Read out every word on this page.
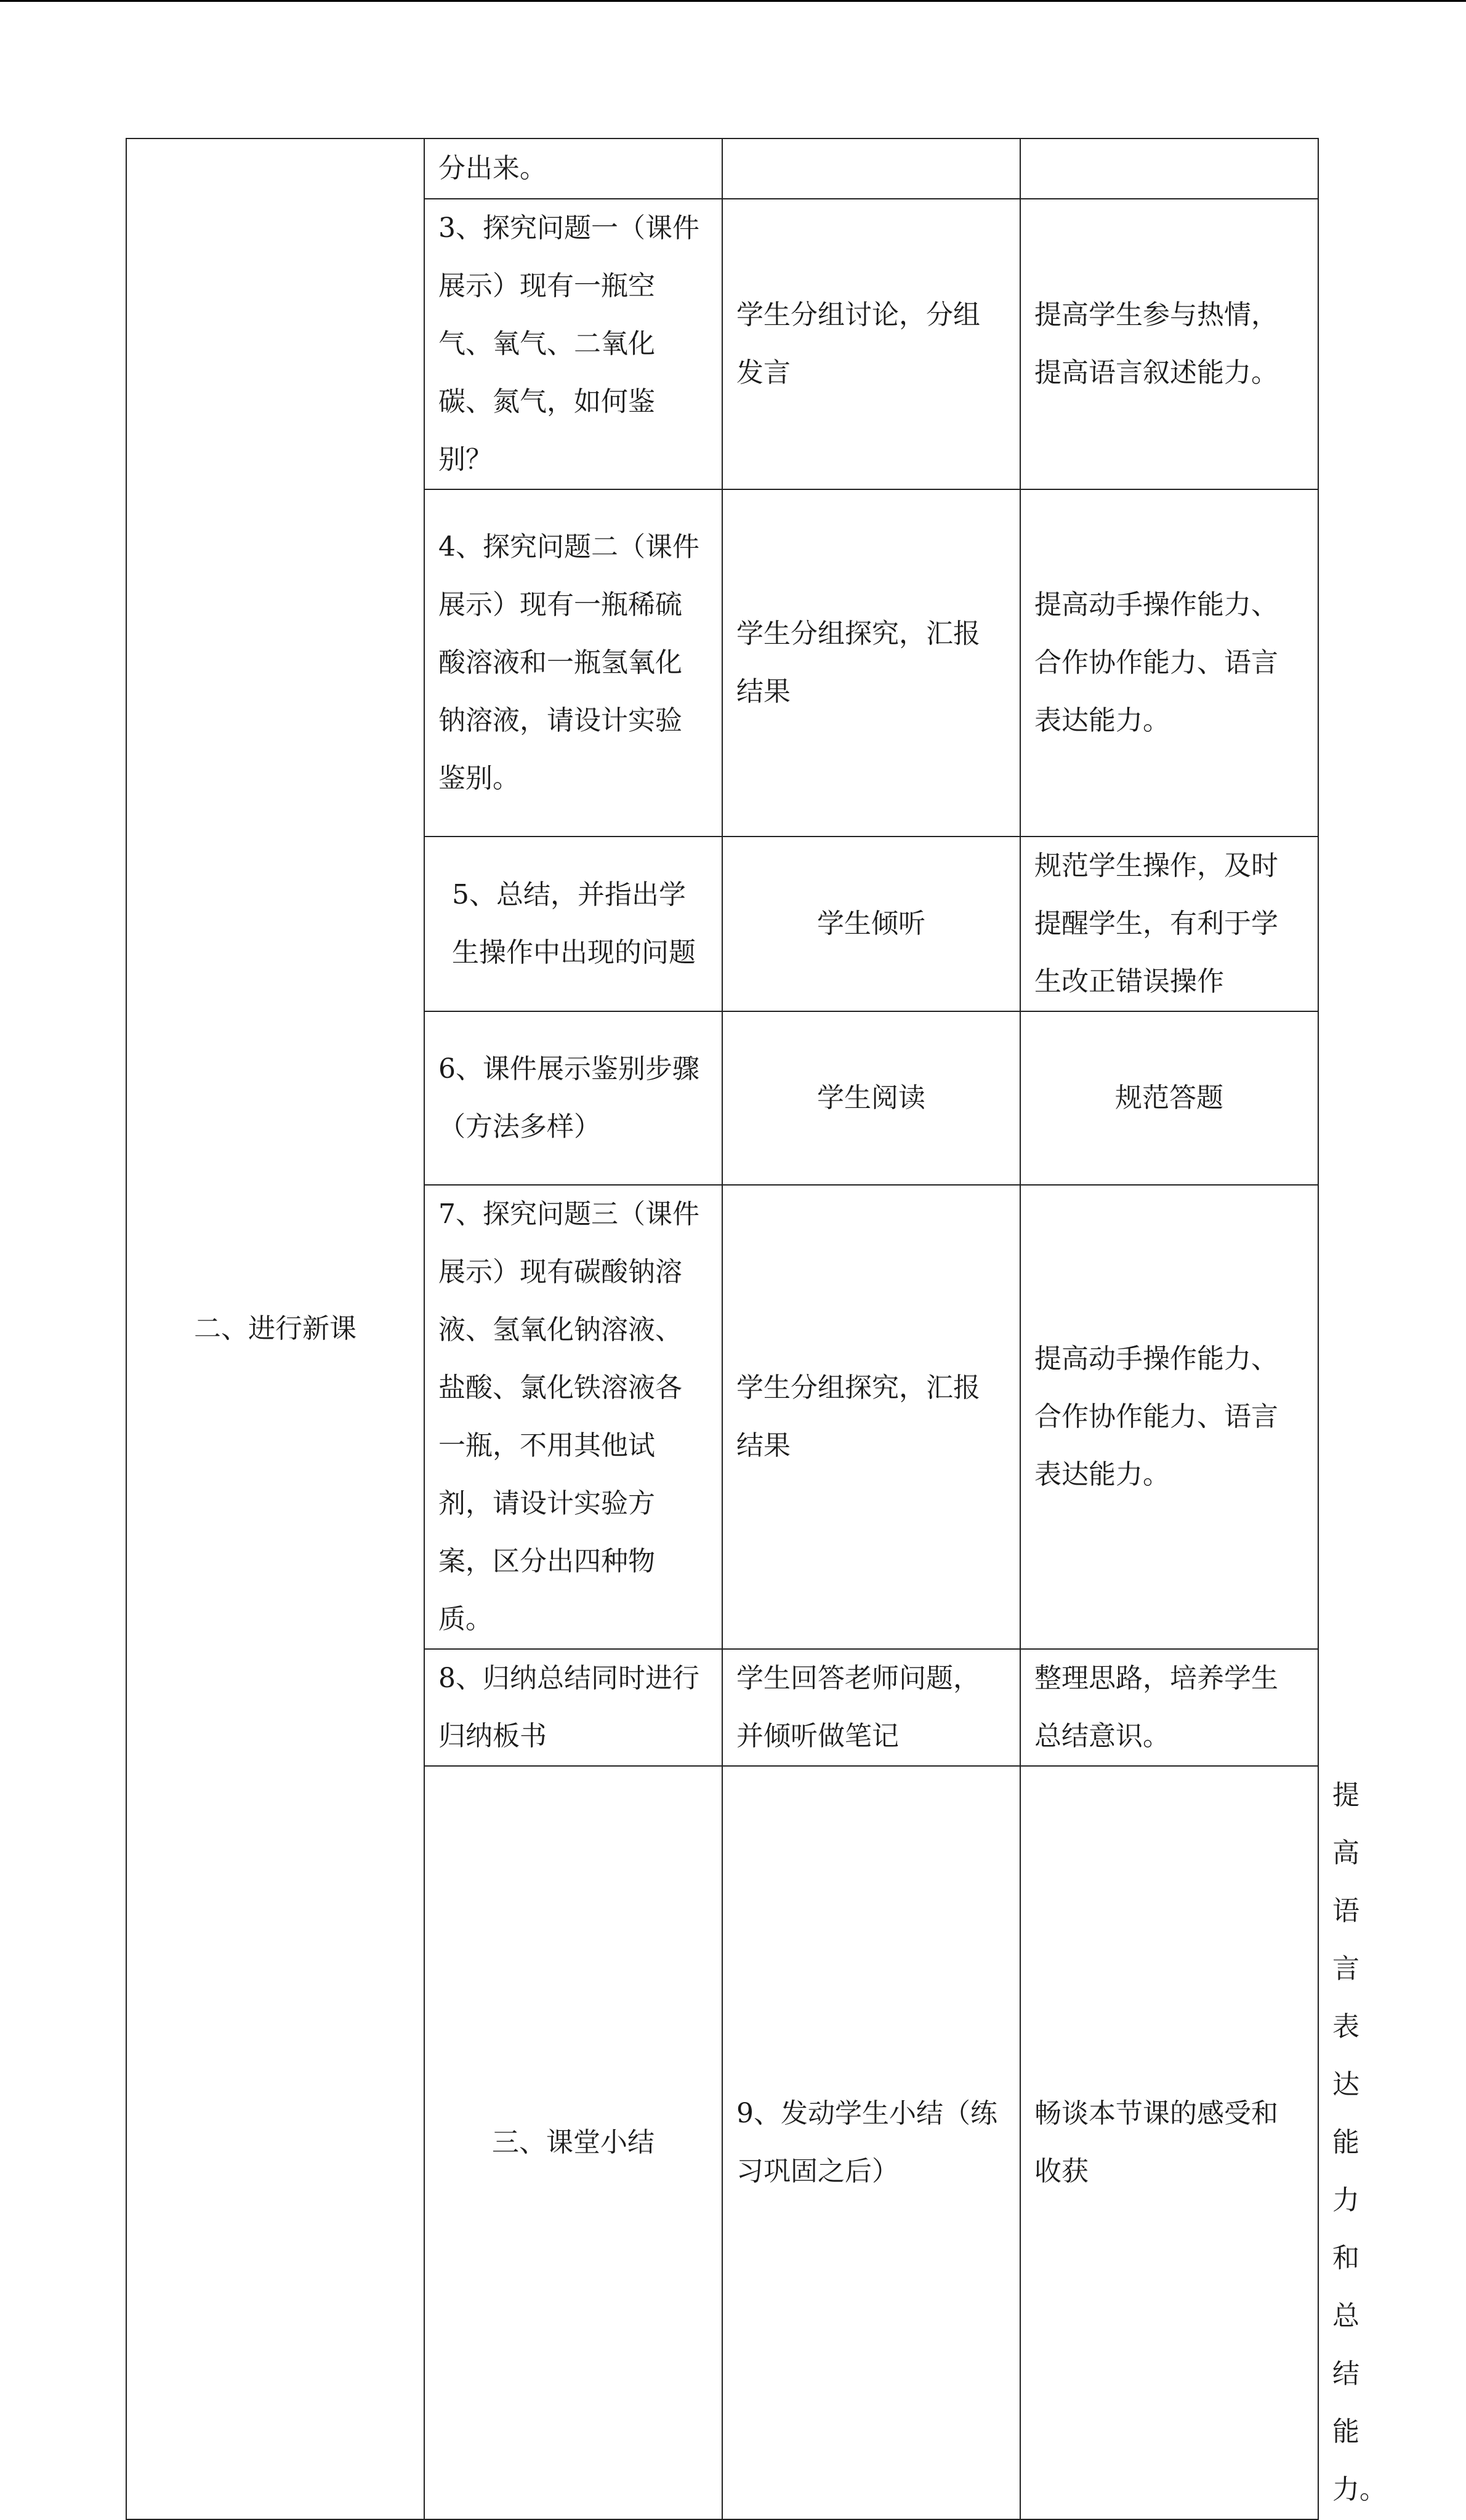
二、进行新课	分出来。			

	3、探究问题一（课件展示）现有一瓶空气、氧气、二氧化碳、氮气，如何鉴别？	学生分组讨论，分组发言	提高学生参与热情，提高语言叙述能力。	

	4、探究问题二（课件展示）现有一瓶稀硫酸溶液和一瓶氢氧化钠溶液，请设计实验鉴别。	学生分组探究，汇报结果	提高动手操作能力、合作协作能力、语言表达能力。	

	5、总结，并指出学生操作中出现的问题	学生倾听	规范学生操作，及时提醒学生，有利于学生改正错误操作	

	6、课件展示鉴别步骤（方法多样）	学生阅读	规范答题	

	7、探究问题三（课件展示）现有碳酸钠溶液、氢氧化钠溶液、盐酸、氯化铁溶液各一瓶，不用其他试剂，请设计实验方案，区分出四种物质。	学生分组探究，汇报结果	提高动手操作能力、合作协作能力、语言表达能力。	

	8、归纳总结同时进行归纳板书	学生回答老师问题，并倾听做笔记	整理思路，培养学生总结意识。	

	三、课堂小结	9、发动学生小结（练习巩固之后）	畅谈本节课的感受和收获	提高语言表达能力和总结能力。
